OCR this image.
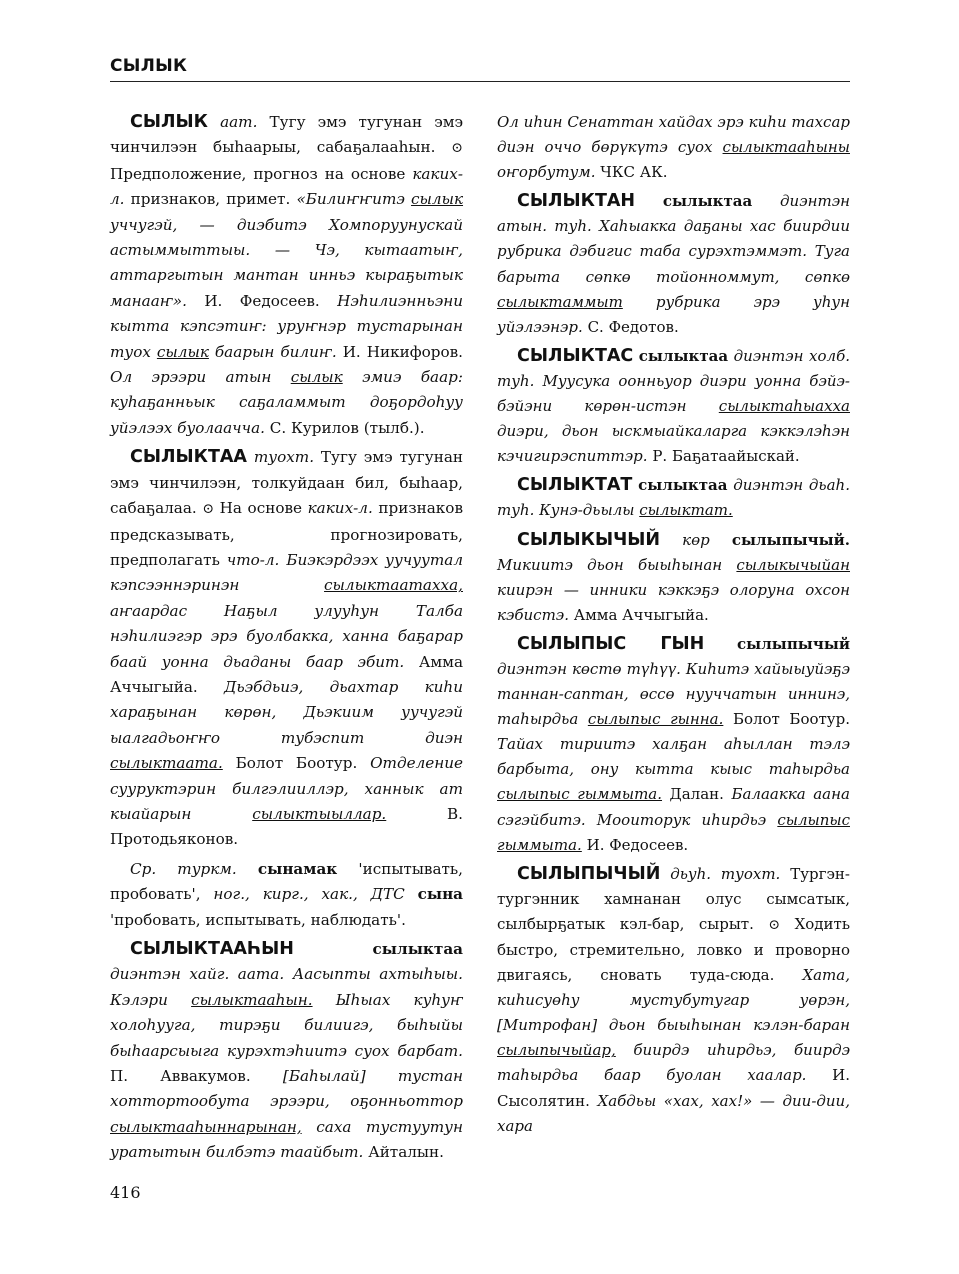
СЫЛЫК

СЫЛЫК аат. Тугу эмэ тугунан эмэ чинчилээн быһаарыы, сабаҕалааһын. ⊙ Предположение, прогноз на основе каких-л. признаков, примет. «Билиҥҥитэ сылык уччугэй, — диэбитэ Хомпоруунускай астыммыттыы. — Чэ, кытаатыҥ, аттаргытын мантан инньэ кыраҕытык манааҥ». И. Федосеев. Нэһилиэнньэни кытта кэпсэтиҥ: уруҥнэр тустарынан туох сылык баарын билиҥ. И. Никифоров. Ол эрээри атын сылык эмиэ баар: куһаҕанньык саҕаламмыт доҕордоһуу уйэлээх буолаачча. С. Курилов (тылб.).

СЫЛЫКТАА туохт. Тугу эмэ тугунан эмэ чинчилээн, толкуйдаан бил, быһаар, сабаҕалаа. ⊙ На основе каких-л. признаков предсказывать, прогнозировать, предполагать что-л. Биэкэрдээх уучуутал кэпсээннэринэн	сылыктаатахха, аҥаардас Наҕыл улууһун Талба нэһилиэгэр эрэ буолбакка, ханна баҕарар баай уонна дьаданы баар эбит. Амма Аччыгыйа. Дьэбдьиэ, дьахтар киһи хараҕынан көрөн, Дьэкиим уучугэй ыалгадьоҥҥо тубэспит диэн сылыктаата. Болот Боотур. Отделение сууруктэрин билгэлииллэр, ханнык ат кыайарын	сылыктыыллар.	В. Протодьяконов.

Ср. туркм. сынамак 'испытывать, пробовать', ног., кирг., хак., ДТС сына 'пробовать, испытывать, наблюдать'.

СЫЛЫКТААҺЫН	сылыктаа диэнтэн хайг. аата. Аасыпты ахтыһыы. Кэлэри сылыктааһын. Ыһыах куһуҥ холоһууга, тирэҕи билиигэ, быһыйы быһаарсыыга курэхтэһиитэ суох барбат. П. Аввакумов. [Баһылай] тустан хоттортообута эрээри, оҕонньоттор сылыктааһыннарынан, саха тустуутун уратытын билбэтэ таайбыт. Айталын.

Ол иһин Сенаттан хайдах эрэ киһи тахсар диэн оччо бөрүкүтэ суох сылыктааһыны оҥорбутум. ЧКС АК.

СЫЛЫКТАН сылыктаа диэнтэн атын. туһ. Хаһыакка даҕаны хас биирдии рубрика дэбигис таба сурэхтэммэт. Туга барыта сөпкө тойонноммут, сөпкө сылыктаммыт рубрика эрэ уһун уйэлээнэр. С. Федотов.

СЫЛЫКТАС сылыктаа диэнтэн холб. туһ. Муусука оонньуор диэри уонна бэйэ-бэйэни көрөн-истэн сылыктаһыахха диэри, дьон ыскмыайкаларга кэккэлэһэн кэчигирэспиттэр. Р. Баҕатаайыскай.

СЫЛЫКТАТ сылыктаа диэнтэн дьаһ. туһ. Кунэ-дьылы сылыктат.

СЫЛЫКЫЧЫЙ көр сылыпычый. Микиитэ дьон быыһынан сылыкычыйан киирэн — инники кэккэҕэ олоруна охсон кэбистэ. Амма Аччыгыйа.

СЫЛЫПЫС ГЫН сылыпычый диэнтэн көстө түһүү. Киһитэ хайыыуйэҕэ таннан-саптан, өссө нууччатын иннинэ, таһырдьа сылыпыс гынна. Болот Боотур. Тайах тириитэ халҕан аһыллан тэлэ барбыта, ону кытта кыыс таһырдьа сылыпыс гыммыта. Далан. Балаакка аана сэгэйбитэ. Мооиторук иһирдьэ сылыпыс гыммыта. И. Федосеев.

СЫЛЫПЫЧЫЙ дьуһ. туохт. Тургэн-тургэнник хамнанан олус сымсатык, сылбырҕатык кэл-бар, сырыт. ⊙ Ходить быстро, стремительно, ловко и проворно двигаясь, сновать туда-сюда. Хата, киһисуөһу мустубутугар уөрэн, [Митрофан] дьон быыһынан кэлэн-баран сылыпычыйар, биирдэ иһирдьэ, биирдэ таһырдьа баар буолан хаалар. И. Сысолятин. Хабдьы «хах, хах!» — дии-дии, хара

416
